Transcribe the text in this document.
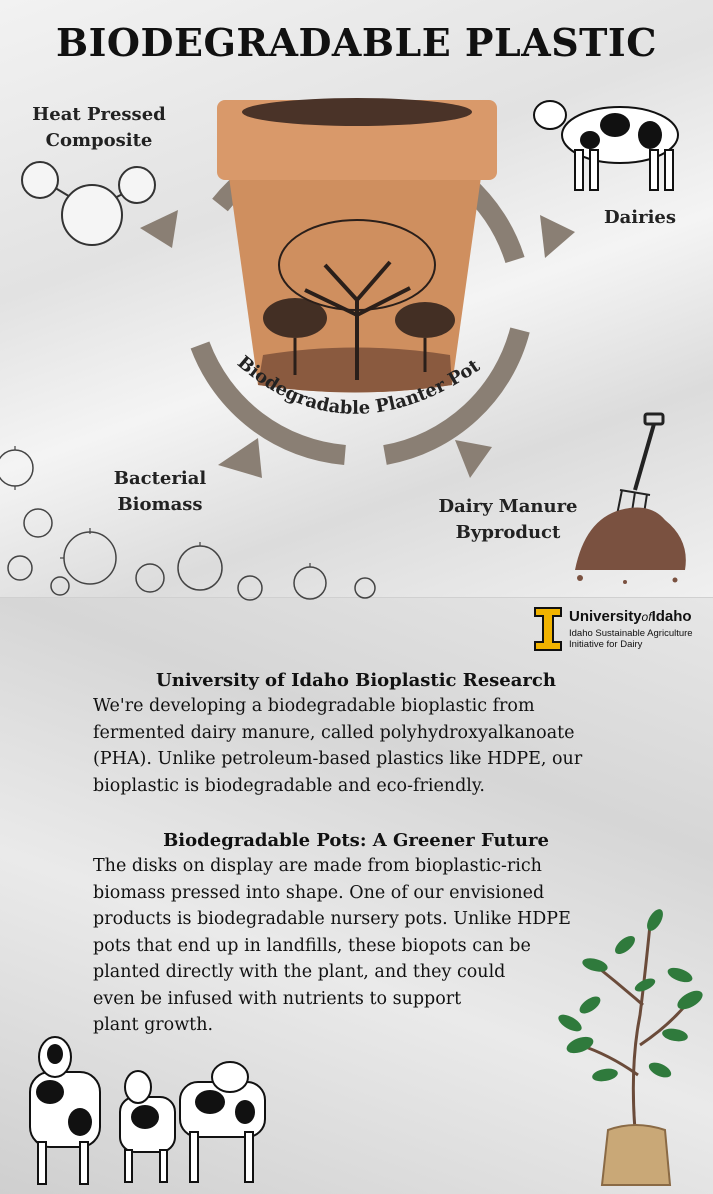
BIODEGRADABLE PLASTIC
Biodegradable Planter Pot
Heat Pressed
Composite
Dairies
Bacterial
Biomass	Dairy Manure
Byproduct
UniversityofIdaho
Idaho Sustainable Agriculture
Initiative for Dairy
University of Idaho Bioplastic Research
We're developing a biodegradable bioplastic from
fermented dairy manure, called polyhydroxyalkanoate
(PHA). Unlike petroleum-based plastics like HDPE, our
bioplastic is biodegradable and eco-friendly.
Biodegradable Pots: A Greener Future
The disks on display are made from bioplastic-rich
biomass pressed into shape. One of our envisioned
products is biodegradable nursery pots. Unlike HDPE
pots that end up in landfills, these biopots can be
planted directly with the plant, and they could
even be infused with nutrients to support
plant growth.
